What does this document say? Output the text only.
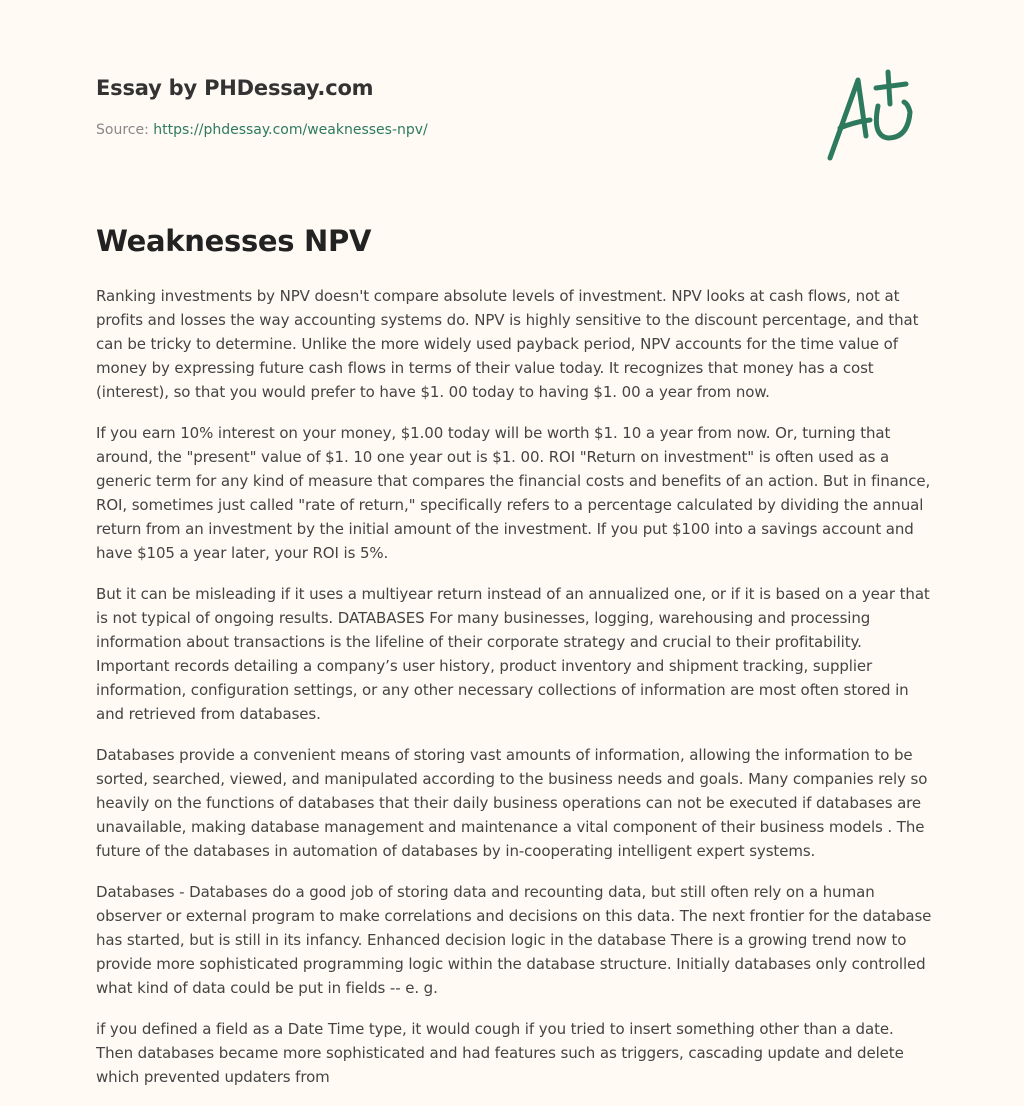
Essay by PHDessay.com

Source: https://phdessay.com/weaknesses-npv/
Weaknesses NPV

Ranking investments by NPV doesn't compare absolute levels of investment. NPV looks at cash flows, not at profits and losses the way accounting systems do. NPV is highly sensitive to the discount percentage, and that can be tricky to determine. Unlike the more widely used payback period, NPV accounts for the time value of money by expressing future cash flows in terms of their value today. It recognizes that money has a cost (interest), so that you would prefer to have $1. 00 today to having $1. 00 a year from now.

If you earn 10% interest on your money, $1.00 today will be worth $1. 10 a year from now. Or, turning that around, the "present" value of $1. 10 one year out is $1. 00. ROI "Return on investment" is often used as a generic term for any kind of measure that compares the financial costs and benefits of an action. But in finance, ROI, sometimes just called "rate of return," specifically refers to a percentage calculated by dividing the annual return from an investment by the initial amount of the investment. If you put $100 into a savings account and have $105 a year later, your ROI is 5%.

But it can be misleading if it uses a multiyear return instead of an annualized one, or if it is based on a year that is not typical of ongoing results. DATABASES For many businesses, logging, warehousing and processing information about transactions is the lifeline of their corporate strategy and crucial to their profitability. Important records detailing a company’s user history, product inventory and shipment tracking, supplier information, configuration settings, or any other necessary collections of information are most often stored in and retrieved from databases.

Databases provide a convenient means of storing vast amounts of information, allowing the information to be sorted, searched, viewed, and manipulated according to the business needs and goals. Many companies rely so heavily on the functions of databases that their daily business operations can not be executed if databases are unavailable, making database management and maintenance a vital component of their business models . The future of the databases in automation of databases by in-cooperating intelligent expert systems.

Databases - Databases do a good job of storing data and recounting data, but still often rely on a human observer or external program to make correlations and decisions on this data. The next frontier for the database has started, but is still in its infancy. Enhanced decision logic in the database There is a growing trend now to provide more sophisticated programming logic within the database structure. Initially databases only controlled what kind of data could be put in fields -- e. g.

if you defined a field as a Date Time type, it would cough if you tried to insert something other than a date. Then databases became more sophisticated and had features such as triggers, cascading update and delete which prevented updaters from
